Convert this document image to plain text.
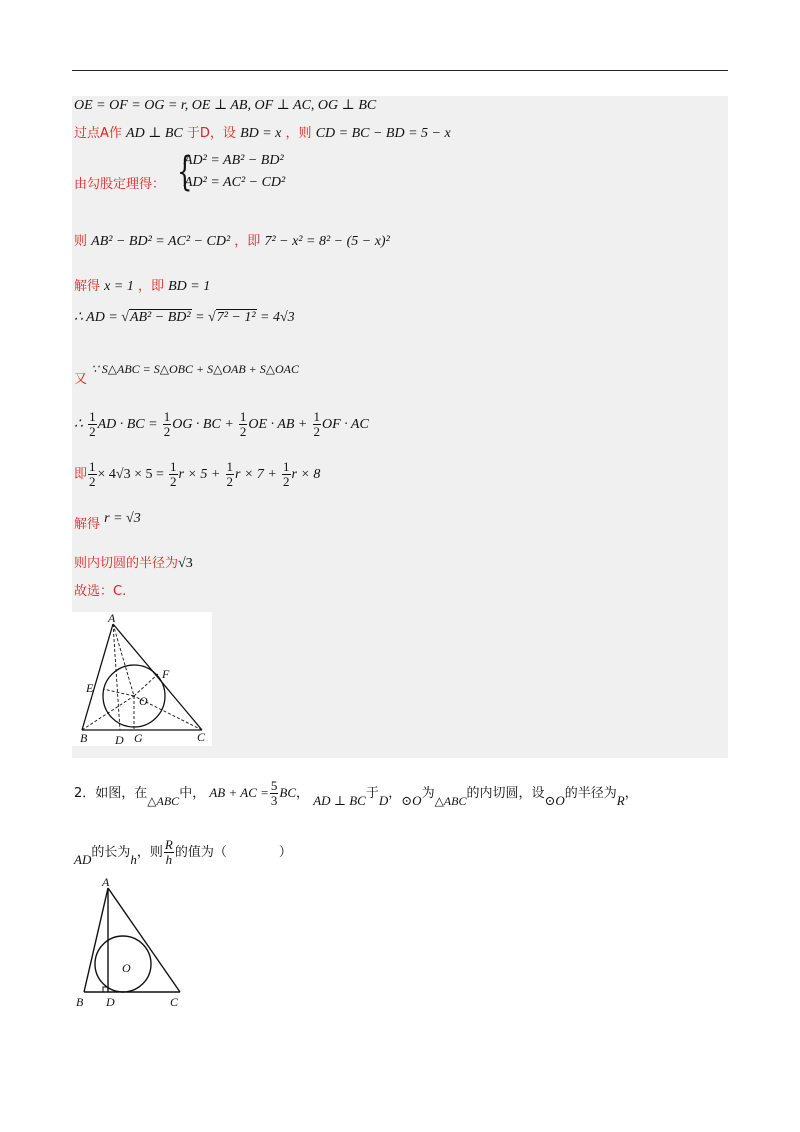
OE = OF = OG = r, OE ⊥ AB, OF ⊥ AC, OG ⊥ BC
过点A作 AD ⊥ BC 于D，设 BD = x ，则 CD = BC − BD = 5 − x
由勾股定理得： {
AD² = AB² − BD²
AD² = AC² − CD²
则 AB² − BD² = AC² − CD² ，即 7² − x² = 8² − (5 − x)²
解得 x = 1 ，即 BD = 1
∴ AD = √AB² − BD² = √7² − 1² = 4√3
又 ∵ S△ABC = S△OBC + S△OAB + S△OAC
∴ $\frac{1}{2}$ AD · BC = $\frac{1}{2}$ OG · BC + $\frac{1}{2}$ OE · AB + $\frac{1}{2}$ OF · AC
即 $\frac{1}{2} \times 4√3 \times 5 = \frac{1}{2}$ $r \times 5 + \frac{1}{2}$ $r \times 7 + \frac{1}{2}$ r × 8
解得 r = √3
则内切圆的半径为√3
故选：C.
A
E
F
O
B D G	C
2．如图，在△ABC中， AB + AC = $\frac{5}{3}$ BC， AD ⊥ BC于D，⊙O为△ABC的内切圆，设⊙O的半径为R，
AD的长为h，则 $\frac{R}{h}$ 的值为（　　　　）
A
O
B D	C
